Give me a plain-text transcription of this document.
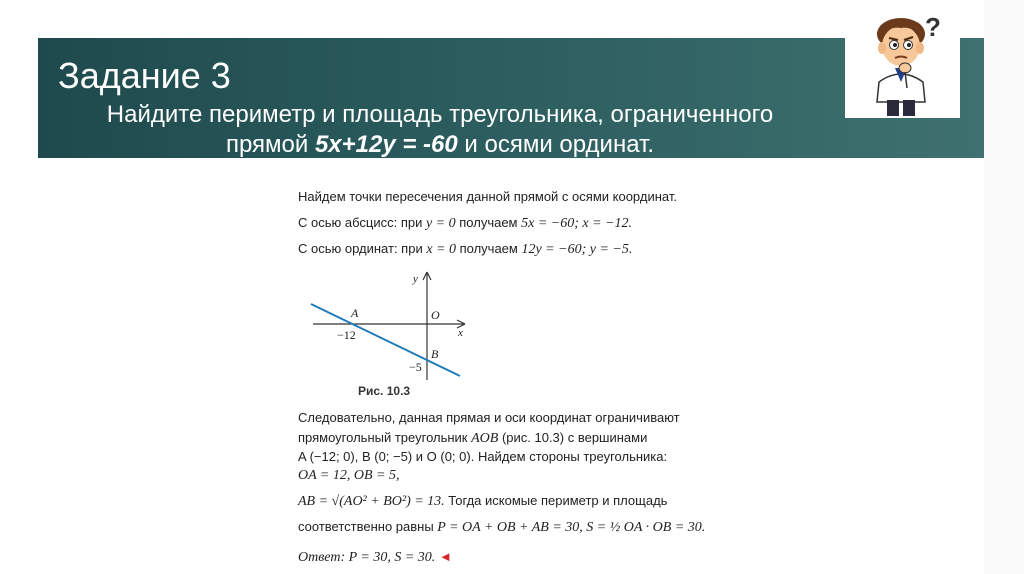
Задание 3
Найдите периметр и площадь треугольника, ограниченного
прямой 5x+12y = -60 и осями ординат.
?
Найдем точки пересечения данной прямой с осями координат.
С осью абсцисс: при y = 0 получаем 5x = −60; x = −12.
С осью ординат: при x = 0 получаем 12y = −60; y = −5.
Следовательно, данная прямая и оси координат ограничивают
прямоугольный треугольник AOB (рис. 10.3) с вершинами
A (−12; 0), B (0; −5) и O (0; 0). Найдем стороны треугольника:
OA = 12, OB = 5,
AB = √(AO² + BO²) = 13. Тогда искомые периметр и площадь
соответственно равны P = OA + OB + AB = 30, S = ½ OA · OB = 30.
Ответ: P = 30, S = 30. ◄
y
x
O
A
B
−12
−5
Рис. 10.3
